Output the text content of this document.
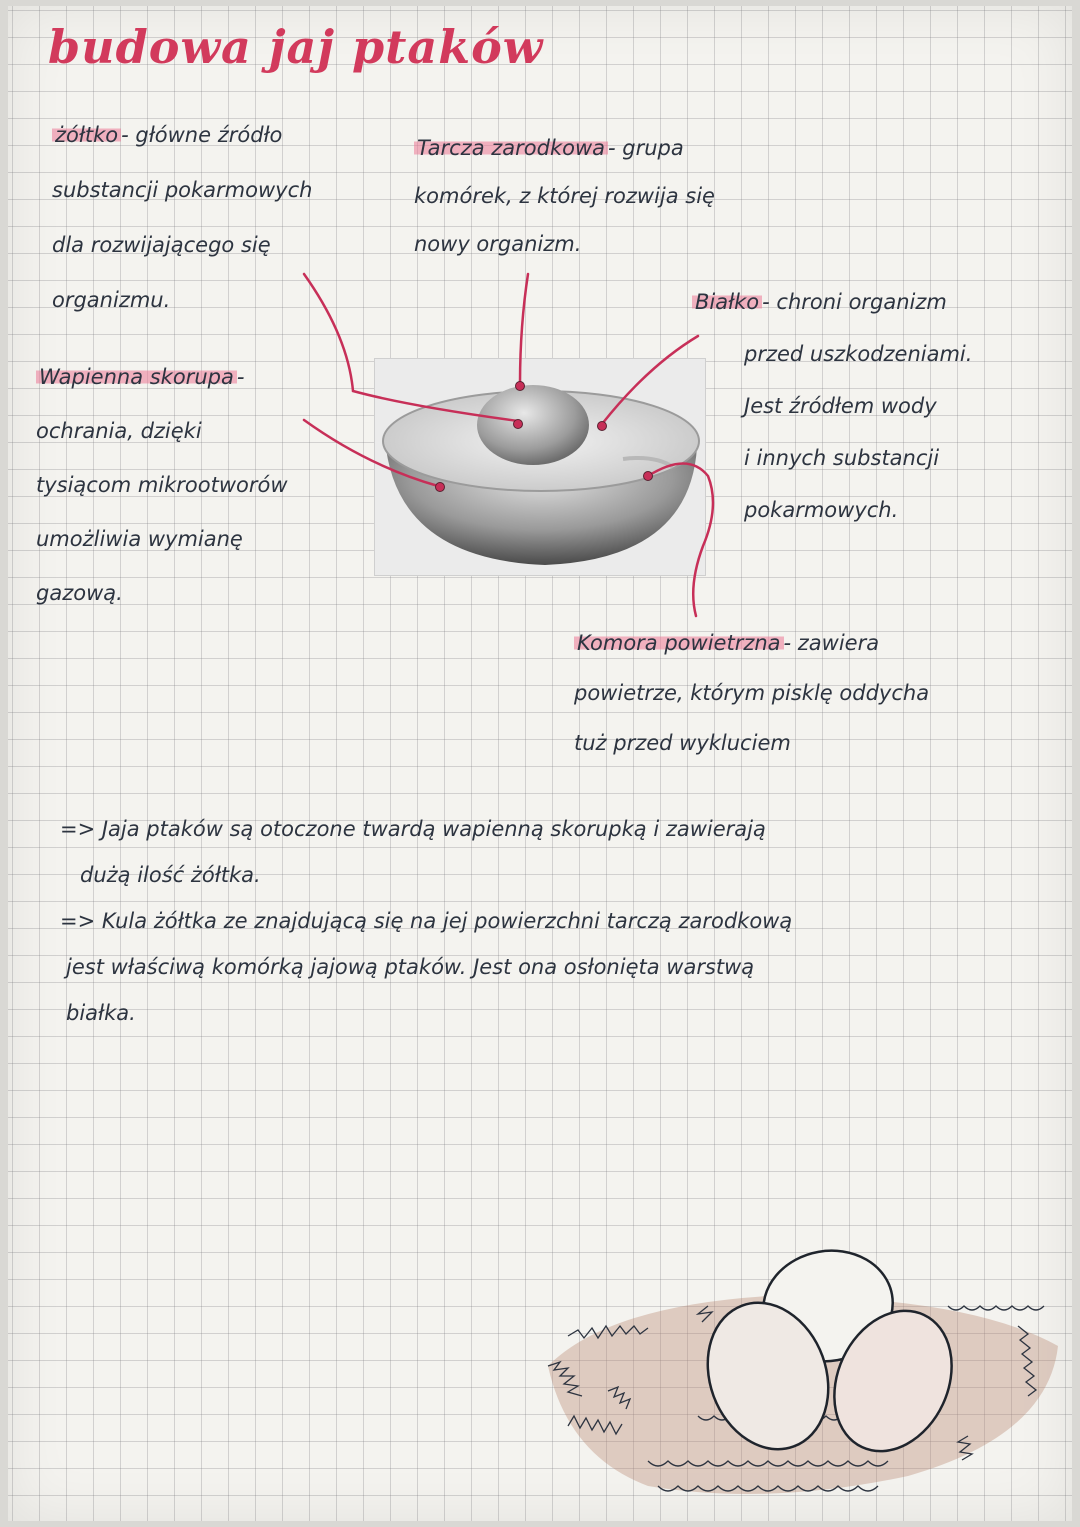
budowa jaj ptaków
żółtko - główne źródło
substancji pokarmowych
dla rozwijającego się
organizmu.
Tarcza zarodkowa - grupa
komórek, z której rozwija się
nowy organizm.
Białko - chroni organizm
przed uszkodzeniami.
Jest źródłem wody
i innych substancji
pokarmowych.
Wapienna skorupa -
ochrania, dzięki
tysiącom mikrootworów
umożliwia wymianę
gazową.
Komora powietrzna - zawiera
powietrze, którym pisklę oddycha
tuż przed wykluciem
=> Jaja ptaków są otoczone twardą wapienną skorupką i zawierają
dużą ilość żółtka.
=> Kula żółtka ze znajdującą się na jej powierzchni tarczą zarodkową
jest właściwą komórką jajową ptaków. Jest ona osłonięta warstwą
białka.
